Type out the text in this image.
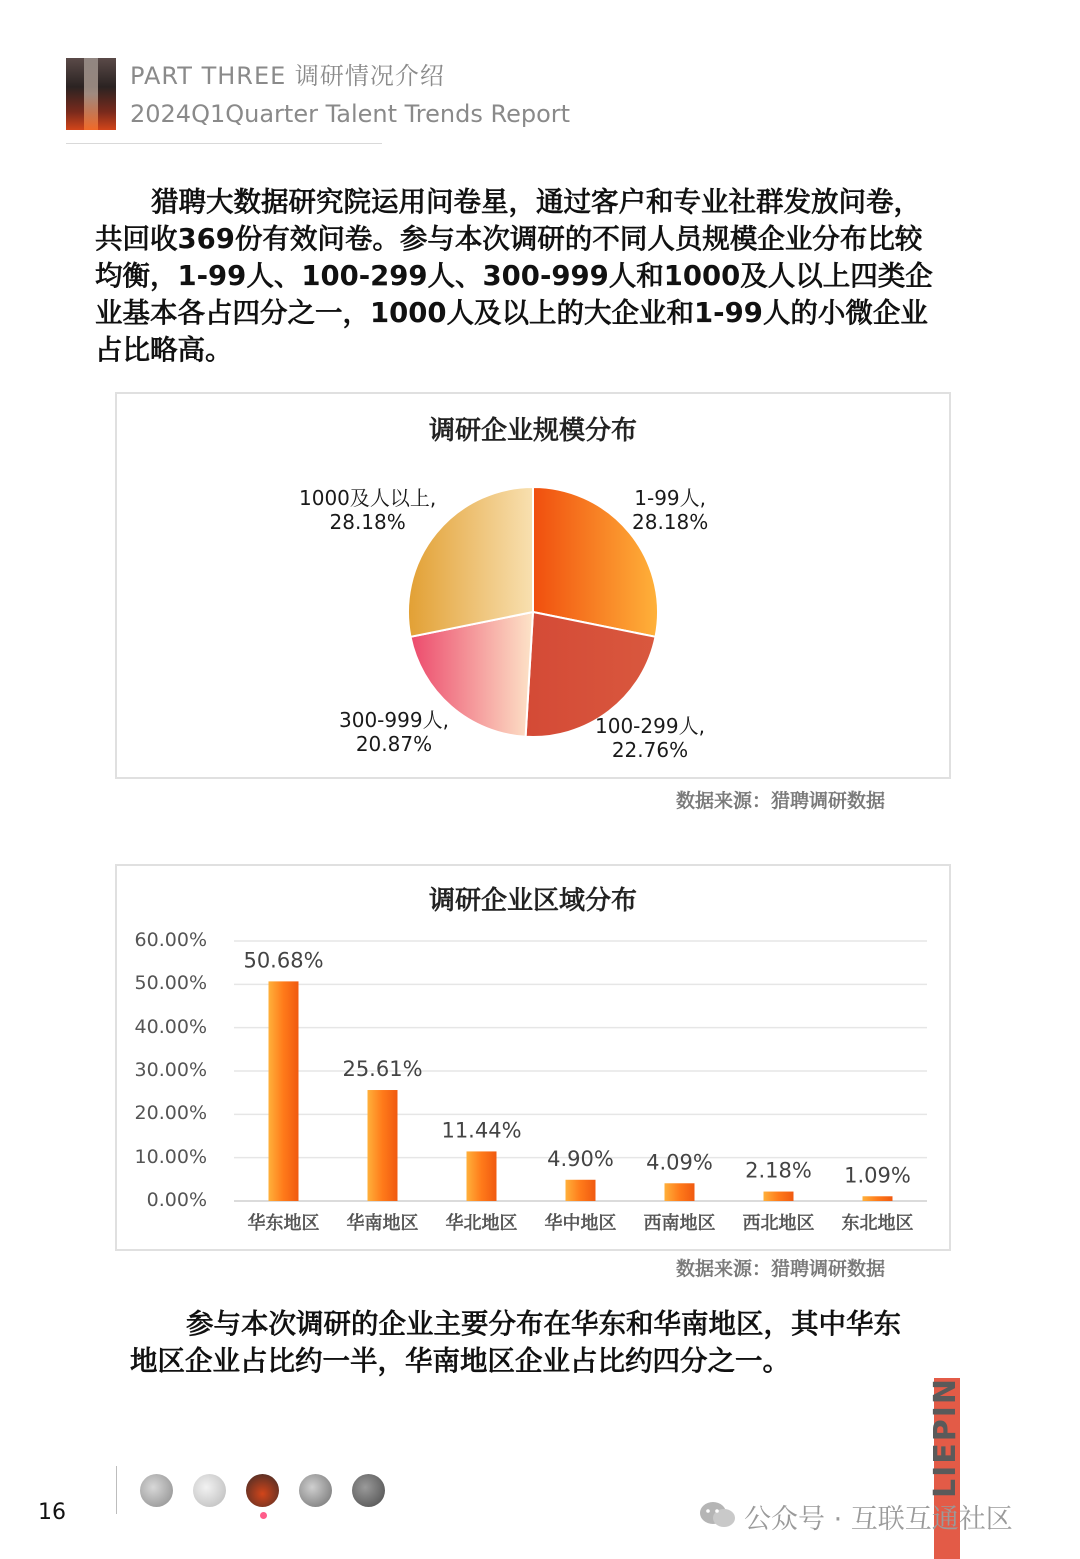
PART THREE 调研情况介绍
2024Q1Quarter Talent Trends Report
猎聘大数据研究院运用问卷星，通过客户和专业社群发放问卷，共回收369份有效问卷。参与本次调研的不同人员规模企业分布比较均衡，1-99人、100-299人、300-999人和1000及人以上四类企业基本各占四分之一，1000人及以上的大企业和1-99人的小微企业占比略高。
调研企业规模分布
1-99人,
28.18%
100-299人,
22.76%
300-999人,
20.87%
1000及人以上,
28.18%
数据来源：猎聘调研数据
调研企业区域分布
60.00%
50.00%
40.00%
30.00%
20.00%
10.00%
0.00%
50.68%
华东地区
25.61%
华南地区
11.44%
华北地区
4.90%
华中地区
4.09%
西南地区
2.18%
西北地区
1.09%
东北地区
数据来源：猎聘调研数据
参与本次调研的企业主要分布在华东和华南地区，其中华东地区企业占比约一半，华南地区企业占比约四分之一。
16
LIEPIN
公众号 · 互联互通社区
